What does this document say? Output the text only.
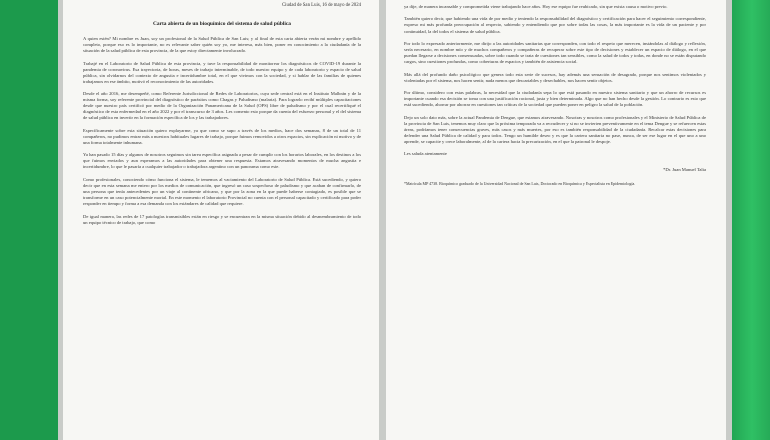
Ciudad de San Luis, 16 de mayo de 2024
Carta abierta de un bioquímico del sistema de salud pública

A quien estén? Mi nombre es Juan, soy un profesional de la Salud Pública de San Luis; y al final de esta carta abierta verán mi nombre y apellido completo, porque eso es lo importante, no es relevante saber quién soy yo, me interesa, más bien, poner en conocimiento a la ciudadanía de la situación de la salud pública de esta provincia, de la que estoy directamente involucrado.

Trabajé en el Laboratorio de Salud Pública de esta provincia, y tuve la responsabilidad de monitorear los diagnósticos de COVID-19 durante la pandemia de coronavirus. Esa trayectoria, de horas, meses de trabajo interminable, de todo nuestro equipo y de cada laboratorio y espacio de salud pública, sin olvidarnos del contexto de angustia e incertidumbre total, en el que vivimos con la sociedad, y si hablar de las familias de quienes trabajamos en ese ámbito, motivó el reconocimiento de las autoridades.

Desde el año 2016, me desempeñé, como Referente Jurisdiccional de Redes de Laboratorios, cuya sede central está en el Instituto Malbrán y de la misma forma, soy referente provincial del diagnóstico de parásitos como Chagas y Paludismo (malaria). Para lograrlo recibí múltiples capacitaciones desde que nuestro país certificó por medio de la Organización Panamericana de la Salud (OPS) libre de paludismo y por el cual recertifiqué el diagnóstico de esta enfermedad en el año 2022 y por el transcurso de 3 años. Les comento esto porque da cuenta del esfuerzo personal y el del sistema de salud pública en invertir en la formación específica de los y las trabajadores.

Específicamente sobre esta situación quiero explayarme, ya que como se supo a través de los medios, hace dos semanas, 8 de un total de 11 compañeros, no pudimos entrar más a nuestros habituales lugares de trabajo, porque fuimos removidos a otros espacios, sin explicación ni motivo y de una forma totalmente inhumana.

Ya han pasado 15 días y algunos de nosotros seguimos sin tarea específica asignada a pesar de cumplir con los horarios laborales, en los destinos a los que fuimos enviados y aun esperamos a las autoridades para obtener una respuesta. Estamos atravesando momentos de mucha angustia e incertidumbre, lo que le pasaría a cualquier trabajador o trabajadora argentino con un panorama como este.

Como profesionales, conociendo cómo funciona el sistema, le tememos al vaciamiento del Laboratorio de Salud Pública. Está sucediendo, y quiero decir que en esta semana me entero por los medios de comunicación, que ingresó un caso sospechoso de paludismo y que acaban de confirmarlo, de una persona que tenía antecedentes por un viaje al continente africano, y que por la zona en la que puede haberse contagiado, es posible que se transforme en un caso potencialmente mortal. En este momento el laboratorio Provincial no cuenta con el personal capacitado y certificado para poder responder en tiempo y forma a esa demanda con los estándares de calidad que requiere.

De igual manera, las redes de 17 patologías transmisibles están en riesgo y se encuentran en la misma situación debido al desmembramiento de todo un equipo técnico de trabajo, que como

ya dije, de manera incansable y comprometida viene trabajando hace años. Hoy ese equipo fue reubicado, sin que exista causa o motivo previo.

También quiero decir, que habiendo una vida de por medio y teniendo la responsabilidad del diagnóstico y certificación para hacer el seguimiento correspondiente, expreso mi más profunda preocupación al respecto, sabiendo y entendiendo que por sobre todas las cosas, la más importante es la vida de un paciente y por continuidad, la del todos el sistema de salud pública.

Por todo lo expresado anteriormente, me dirijo a las autoridades sanitarias que corresponden, con todo el respeto que merecen, instándolas al diálogo y reflexión, sería necesario, en nombre mío y de muchos compañeros y compañeras de recuperar sobre este tipo de decisiones y establecer un espacio de diálogo, en el que puedan llegarse a decisiones consensuadas, sobre todo cuando se trata de cuestiones tan sensibles, como la salud de todos y todas, en donde no se están disputando cargos, sino cuestiones profundas, como coberturas de espacios y también de asistencia social.

Más allá del profundo daño psicológico que genera todo esta serie de sucesos, hay además una sensación de desagrado, porque nos sentimos violentados y violentadas por el sistema, nos hacen sentir, nada menos que descartables y desechables, nos hacen sentir objetos.

Por último, considero con estas palabras, la necesidad que la ciudadanía sepa lo que está pasando en nuestro sistema sanitario y que un ahorro de recursos es importante cuando esa decisión se toma con una justificación racional, justa y bien determinada. Algo que no han hecho desde la gestión. Lo contrario es esto que está sucediendo, ahorrar por ahorrar en cuestiones tan críticas de la sociedad que pueden poner en peligro la salud de la población.

Dejo un solo dato más, sobre la actual Pandemia de Dengue, que estamos atravesando. Nosotras y nosotros como profesionales y el Ministerio de Salud Pública de la provincia de San Luis, tenemos muy claro que la próxima temporada va a recrudecer y si no se invierten preventivamente en el tema Dengue y se refuercen estas áreas, podríamos tener consecuencias graves, más casos y más muertes, por eso es también responsabilidad de la ciudadanía. Recalcar estas decisiones para defender una Salud Pública de calidad y para todos. Tengo un humilde deseo y es que la cartera sanitaria no pase, nunca, de ser ese lugar en el que uno a uno aprende, se capacite y crece laboralmente, al de la cartera hacia la precarización, en el que la patronal le despoje.

Les saluda atentamente

*Dr. Juan Manuel Talia
*Matrícula MP 4738. Bioquímico graduado de la Universidad Nacional de San Luis, Doctorado en Bioquímica y Especialista en Epidemiología.
